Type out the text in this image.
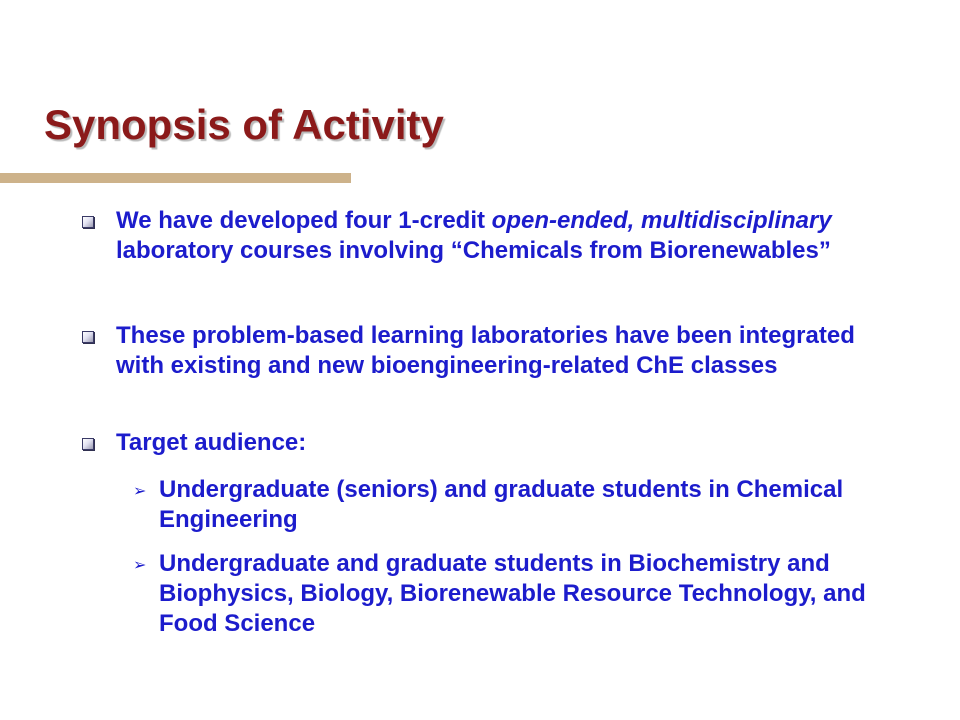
Synopsis of Activity
We have developed four 1-credit open-ended, multidisciplinary laboratory courses involving “Chemicals from Biorenewables”
These problem-based learning laboratories have been integrated with existing and new bioengineering-related ChE classes
Target audience:
➢ Undergraduate (seniors) and graduate students in Chemical Engineering
➢ Undergraduate and graduate students in Biochemistry and Biophysics, Biology, Biorenewable Resource Technology, and Food Science
